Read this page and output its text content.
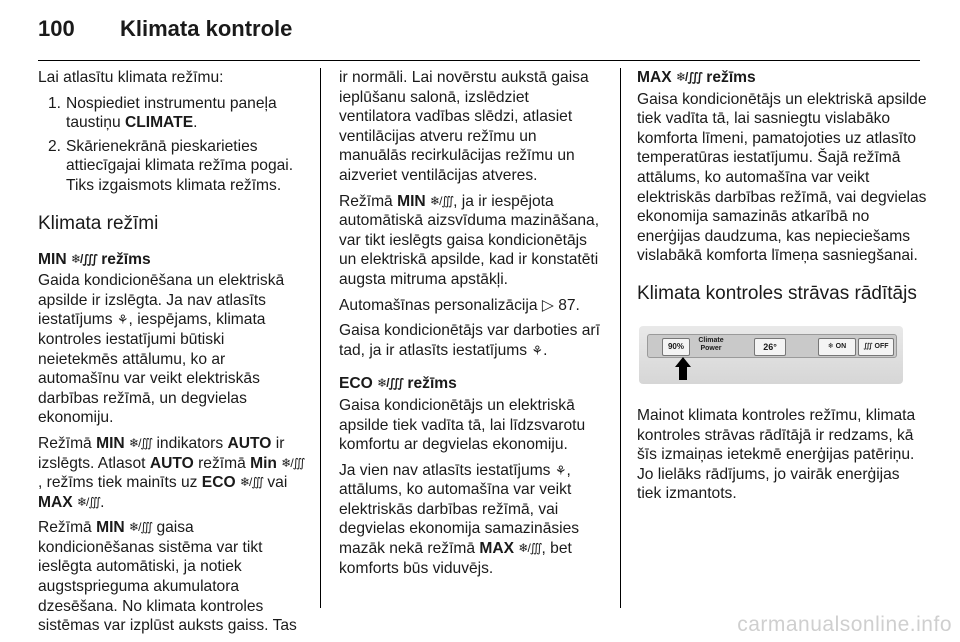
100	Klimata kontrole

Lai atlasītu klimata režīmu:

1. Nospiediet instrumentu paneļa taustiņu CLIMATE.
2. Skārienekrānā pieskarieties attiecīgajai klimata režīma pogai. Tiks izgaismots klimata režīms.
Klimata režīmi
MIN ❄/∭ režīms

Gaida kondicionēšana un elektriskā apsilde ir izslēgta. Ja nav atlasīts iestatījums ⚘, iespējams, klimata kontroles iestatījumi būtiski neietekmēs attālumu, ko ar automašīnu var veikt elektriskās darbības režīmā, un degvielas ekonomiju.

Režīmā MIN ❄/∭ indikators AUTO ir izslēgts. Atlasot AUTO režīmā Min ❄/∭, režīms tiek mainīts uz ECO ❄/∭ vai MAX ❄/∭.

Režīmā MIN ❄/∭ gaisa kondicionēšanas sistēma var tikt ieslēgta automātiski, ja notiek augstsprieguma akumulatora dzesēšana. No klimata kontroles sistēmas var izplūst auksts gaiss. Tas

ir normāli. Lai novērstu aukstā gaisa ieplūšanu salonā, izslēdziet ventilatora vadības slēdzi, atlasiet ventilācijas atveru režīmu un manuālās recirkulācijas režīmu un aizveriet ventilācijas atveres.

Režīmā MIN ❄/∭, ja ir iespējota automātiskā aizsvīduma mazināšana, var tikt ieslēgts gaisa kondicionētājs un elektriskā apsilde, kad ir konstatēti augsta mitruma apstākļi.

Automašīnas personalizācija ▷ 87.

Gaisa kondicionētājs var darboties arī tad, ja ir atlasīts iestatījums ⚘.

ECO ❄/∭ režīms

Gaisa kondicionētājs un elektriskā apsilde tiek vadīta tā, lai līdzsvarotu komfortu ar degvielas ekonomiju.

Ja vien nav atlasīts iestatījums ⚘, attālums, ko automašīna var veikt elektriskās darbības režīmā, vai degvielas ekonomija samazināsies mazāk nekā režīmā MAX ❄/∭, bet komforts būs viduvējs.

MAX ❄/∭ režīms

Gaisa kondicionētājs un elektriskā apsilde tiek vadīta tā, lai sasniegtu vislabāko komforta līmeni, pamatojoties uz atlasīto temperatūras iestatījumu. Šajā režīmā attālums, ko automašīna var veikt elektriskās darbības režīmā, vai degvielas ekonomija samazinās atkarībā no enerģijas daudzuma, kas nepieciešams vislabākā komforta līmeņa sasniegšanai.

Klimata kontroles strāvas rādītājs
90%
Climate
Power	26°	❄ ON	∭ OFF

Mainot klimata kontroles režīmu, klimata kontroles strāvas rādītājā ir redzams, kā šīs izmaiņas ietekmē enerģijas patēriņu. Jo lielāks rādījums, jo vairāk enerģijas tiek izmantots.

carmanualsonline.info
